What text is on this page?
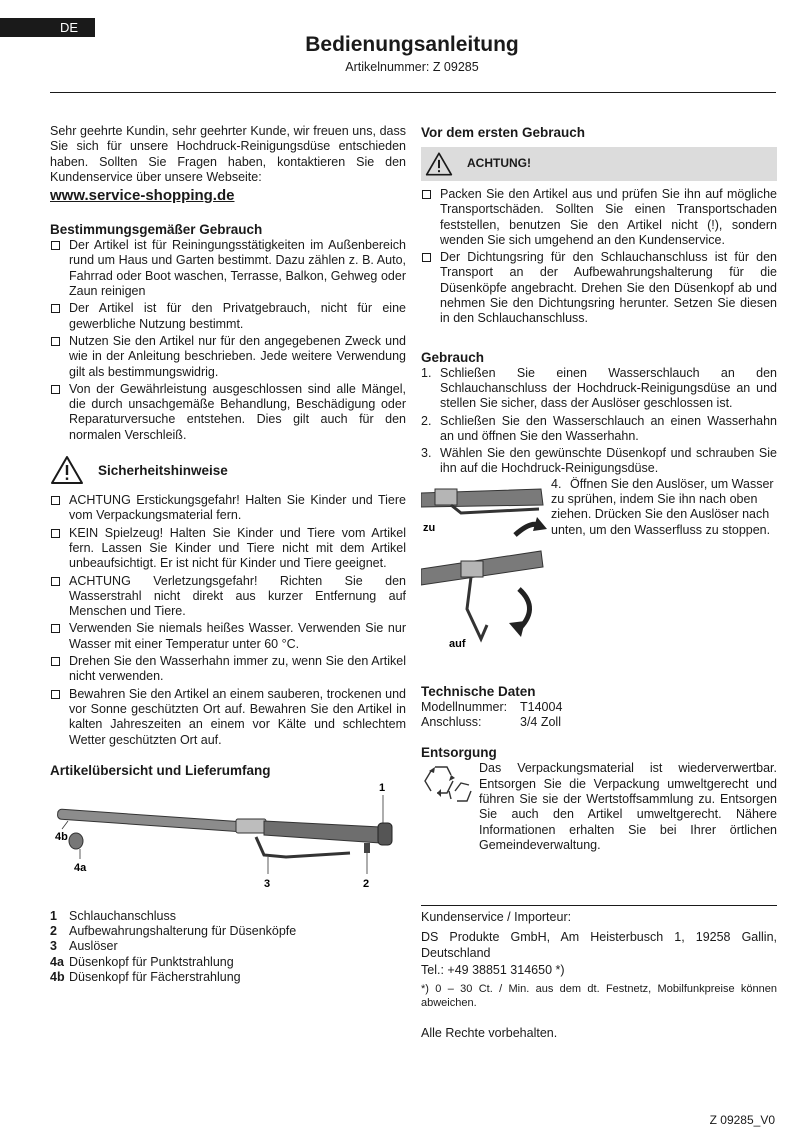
DE
Bedienungsanleitung
Artikelnummer: Z 09285

Sehr geehrte Kundin, sehr geehrter Kunde, wir freuen uns, dass Sie sich für unsere Hochdruck-Reinigungsdüse entschieden haben. Sollten Sie Fragen haben, kontaktieren Sie den Kundenservice über unsere Webseite:

www.service-shopping.de

Bestimmungsgemäßer Gebrauch
Der Artikel ist für Reiningungsstätigkeiten im Außenbereich rund um Haus und Garten bestimmt. Dazu zählen z. B. Auto, Fahrrad oder Boot waschen, Terrasse, Balkon, Gehweg oder Zaun reinigen
Der Artikel ist für den Privatgebrauch, nicht für eine gewerbliche Nutzung bestimmt.
Nutzen Sie den Artikel nur für den angegebenen Zweck und wie in der Anleitung beschrieben. Jede weitere Verwendung gilt als bestimmungswidrig.
Von der Gewährleistung ausgeschlossen sind alle Mängel, die durch unsachgemäße Behandlung, Beschädigung oder Reparaturversuche entstehen. Dies gilt auch für den normalen Verschleiß.
Sicherheitshinweise
ACHTUNG Erstickungsgefahr! Halten Sie Kinder und Tiere vom Verpackungsmaterial fern.
KEIN Spielzeug! Halten Sie Kinder und Tiere vom Artikel fern. Lassen Sie Kinder und Tiere nicht mit dem Artikel unbeaufsichtigt. Er ist nicht für Kinder und Tiere geeignet.
ACHTUNG Verletzungsgefahr! Richten Sie den Wasserstrahl nicht direkt aus kurzer Entfernung auf Menschen und Tiere.
Verwenden Sie niemals heißes Wasser. Verwenden Sie nur Wasser mit einer Temperatur unter 60 °C.
Drehen Sie den Wasserhahn immer zu, wenn Sie den Artikel nicht verwenden.
Bewahren Sie den Artikel an einem sauberen, trockenen und vor Sonne geschützten Ort auf. Bewahren Sie den Artikel in kalten Jahreszeiten an einem vor Kälte und schlechtem Wetter geschützten Ort auf.
Artikelübersicht und Lieferumfang
1
2
3
4a
4b
1 Schlauchanschluss
2 Aufbewahrungshalterung für Düsenköpfe
3 Auslöser
4a Düsenkopf für Punktstrahlung
4b Düsenkopf für Fächerstrahlung
Vor dem ersten Gebrauch
ACHTUNG!
Packen Sie den Artikel aus und prüfen Sie ihn auf mögliche Transportschäden. Sollten Sie einen Transportschaden feststellen, benutzen Sie den Artikel nicht (!), sondern wenden Sie sich umgehend an den Kundenservice.
Der Dichtungsring für den Schlauchanschluss ist für den Transport an der Aufbewahrungshalterung für die Düsenköpfe angebracht. Drehen Sie den Düsenkopf ab und nehmen Sie den Dichtungsring herunter. Setzen Sie diesen in den Schlauchanschluss.
Gebrauch
1. Schließen Sie einen Wasserschlauch an den Schlauchanschluss der Hochdruck-Reinigungsdüse an und stellen Sie sicher, dass der Auslöser geschlossen ist.
2. Schließen Sie den Wasserschlauch an einen Wasserhahn an und öffnen Sie den Wasserhahn.
3. Wählen Sie den gewünschte Düsenkopf und schrauben Sie ihn auf die Hochdruck-Reinigungsdüse.
zu
auf
4. Öffnen Sie den Auslöser, um Wasser zu sprühen, indem Sie ihn nach oben ziehen. Drücken Sie den Auslöser nach unten, um den Wasserfluss zu stoppen.
Technische Daten
Modellnummer:	T14004
Anschluss:	3/4 Zoll
Entsorgung

Das Verpackungsmaterial ist wiederverwertbar. Entsorgen Sie die Verpackung umweltgerecht und führen Sie sie der Wertstoffsammlung zu. Entsorgen Sie auch den Artikel umweltgerecht. Nähere Informationen erhalten Sie bei Ihrer örtlichen Gemeindeverwaltung.

Kundenservice / Importeur:

DS Produkte GmbH, Am Heisterbusch 1, 19258 Gallin, Deutschland

Tel.: +49 38851 314650 *)

*) 0 – 30 Ct. / Min. aus dem dt. Festnetz, Mobilfunkpreise können abweichen.

Alle Rechte vorbehalten.

Z 09285_V0
